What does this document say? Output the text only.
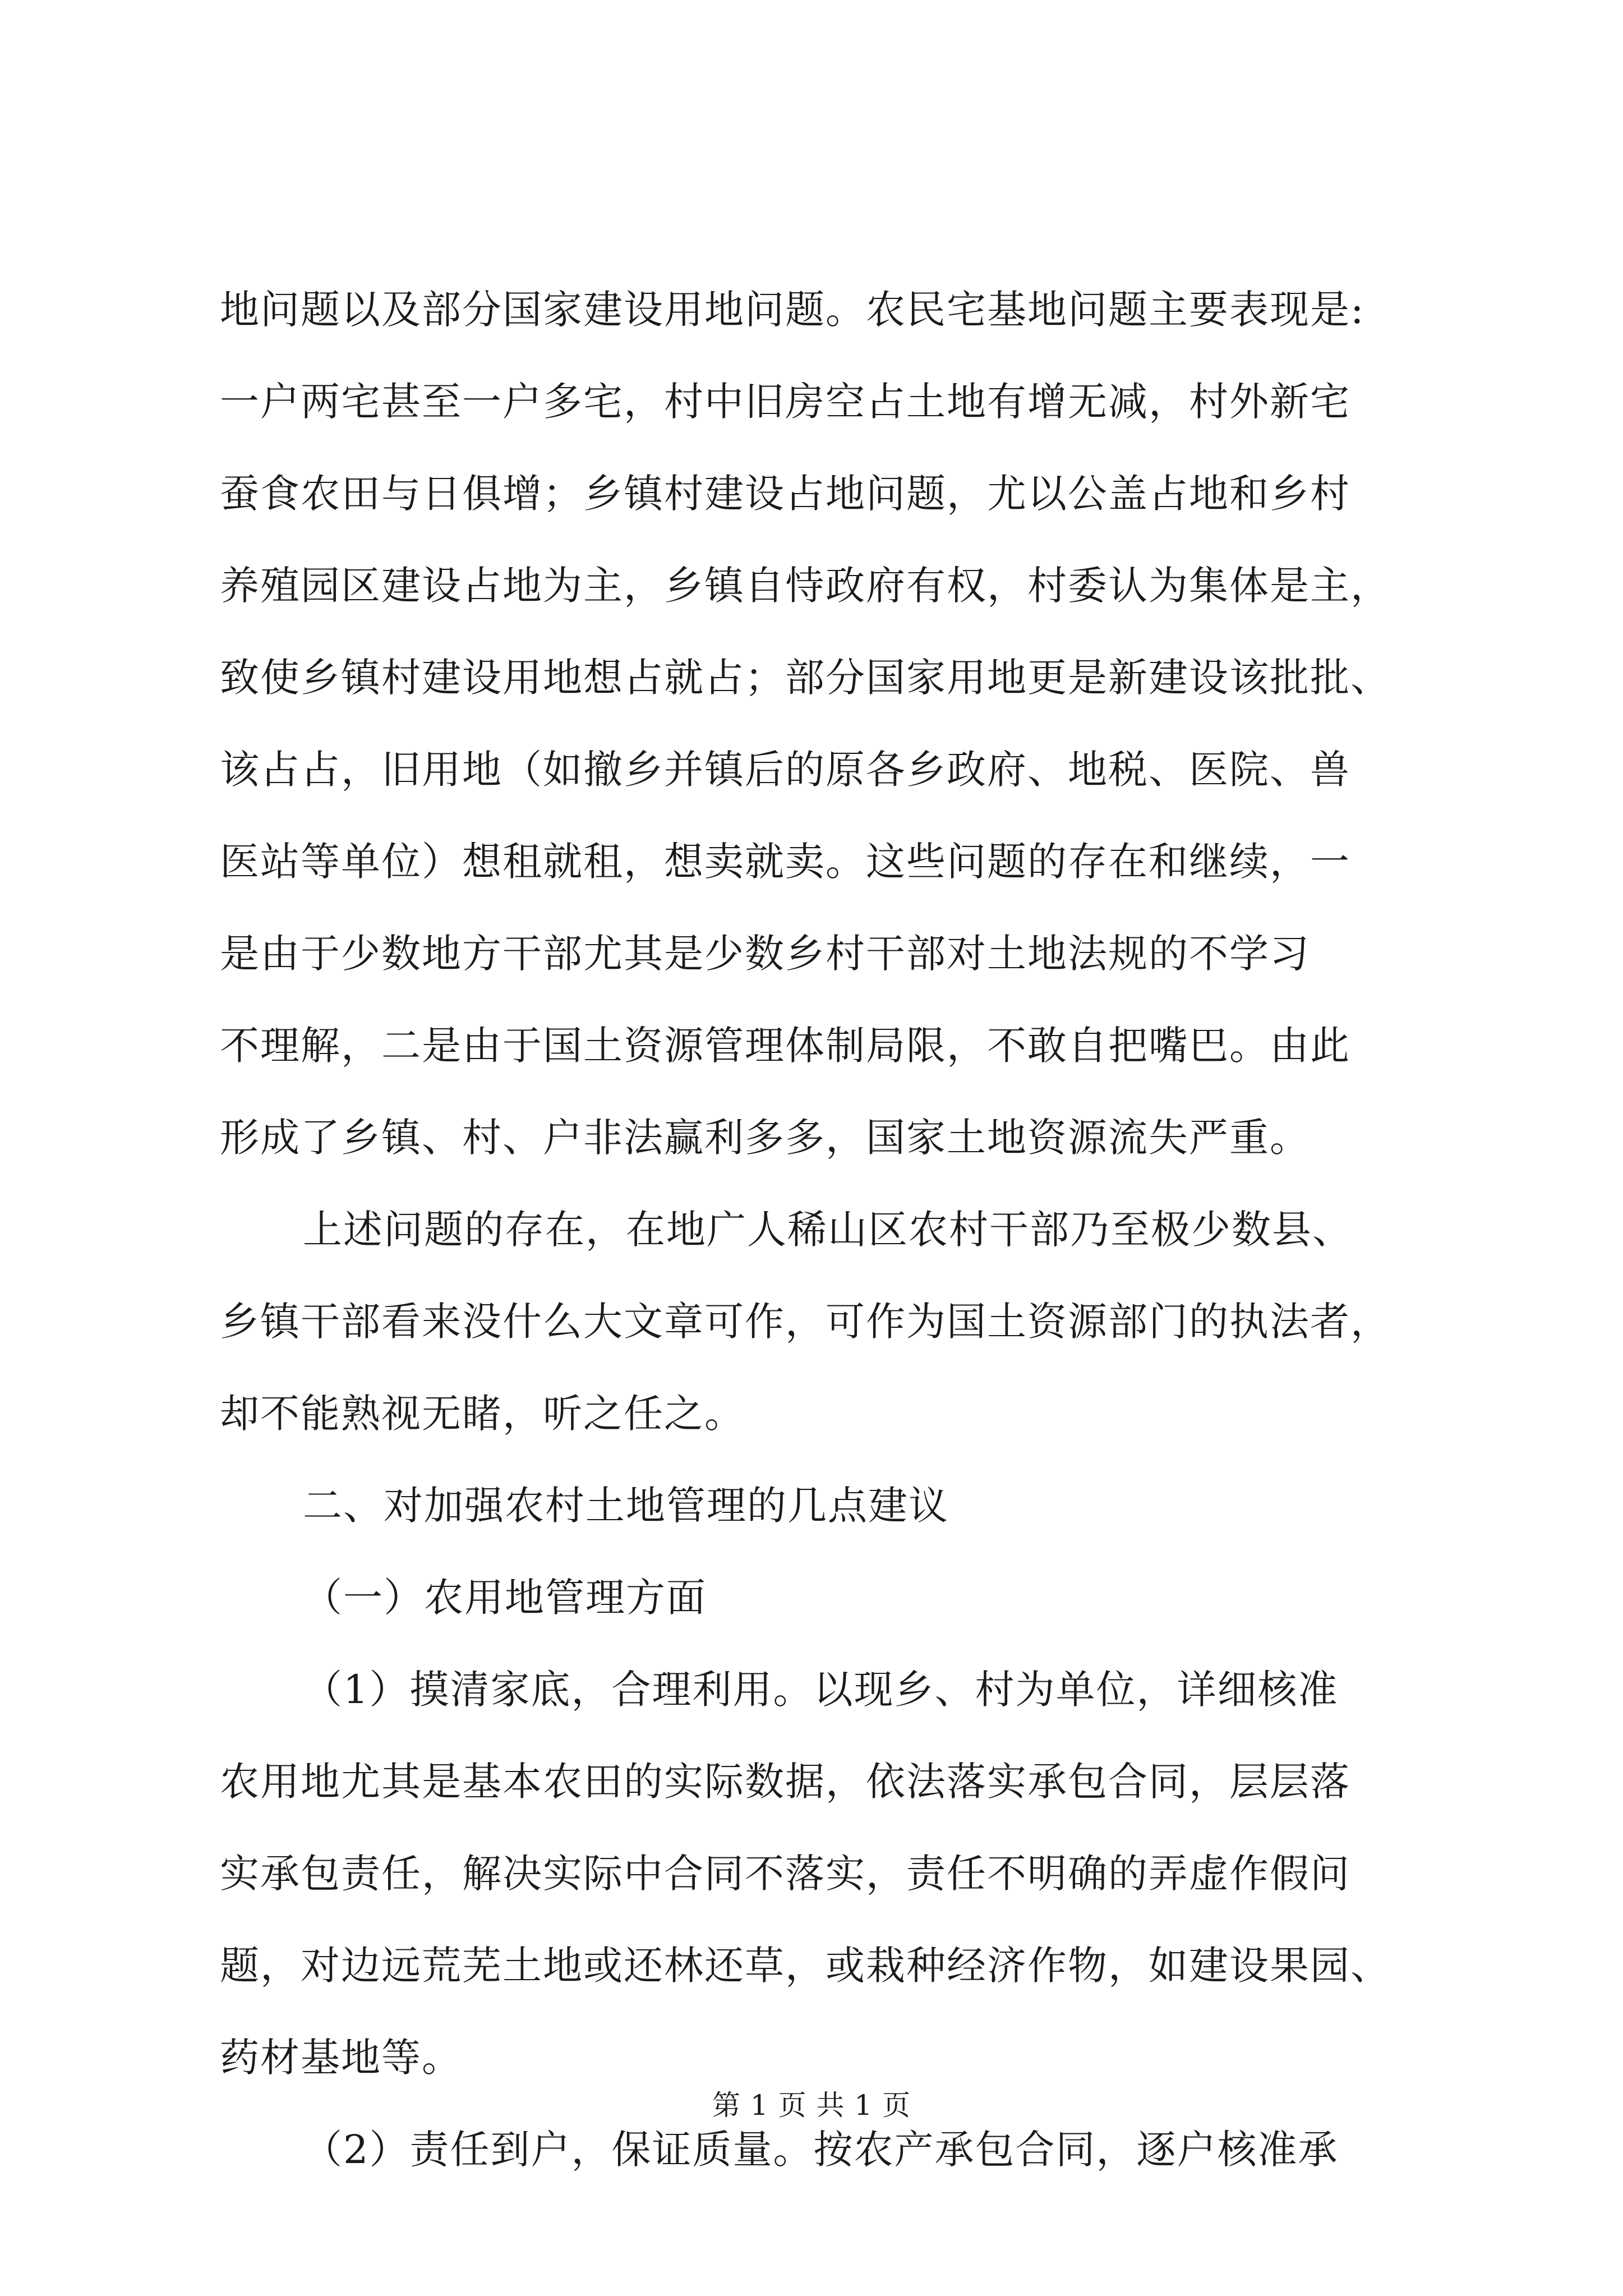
地问题以及部分国家建设用地问题。农民宅基地问题主要表现是:
一户两宅甚至一户多宅，村中旧房空占土地有增无减，村外新宅
蚕食农田与日俱增；乡镇村建设占地问题，尤以公盖占地和乡村
养殖园区建设占地为主，乡镇自恃政府有权，村委认为集体是主，
致使乡镇村建设用地想占就占；部分国家用地更是新建设该批批、
该占占，旧用地（如撤乡并镇后的原各乡政府、地税、医院、兽
医站等单位）想租就租，想卖就卖。这些问题的存在和继续，一
是由于少数地方干部尤其是少数乡村干部对土地法规的不学习
不理解，二是由于国土资源管理体制局限，不敢自把嘴巴。由此
形成了乡镇、村、户非法赢利多多，国家土地资源流失严重。
上述问题的存在，在地广人稀山区农村干部乃至极少数县、
乡镇干部看来没什么大文章可作，可作为国土资源部门的执法者，
却不能熟视无睹，听之任之。
二、对加强农村土地管理的几点建议
（一）农用地管理方面
（1）摸清家底，合理利用。以现乡、村为单位，详细核准
农用地尤其是基本农田的实际数据，依法落实承包合同，层层落
实承包责任，解决实际中合同不落实，责任不明确的弄虚作假问
题，对边远荒芜土地或还林还草，或栽种经济作物，如建设果园、
药材基地等。
（2）责任到户，保证质量。按农产承包合同，逐户核准承
第 1 页 共 1 页
